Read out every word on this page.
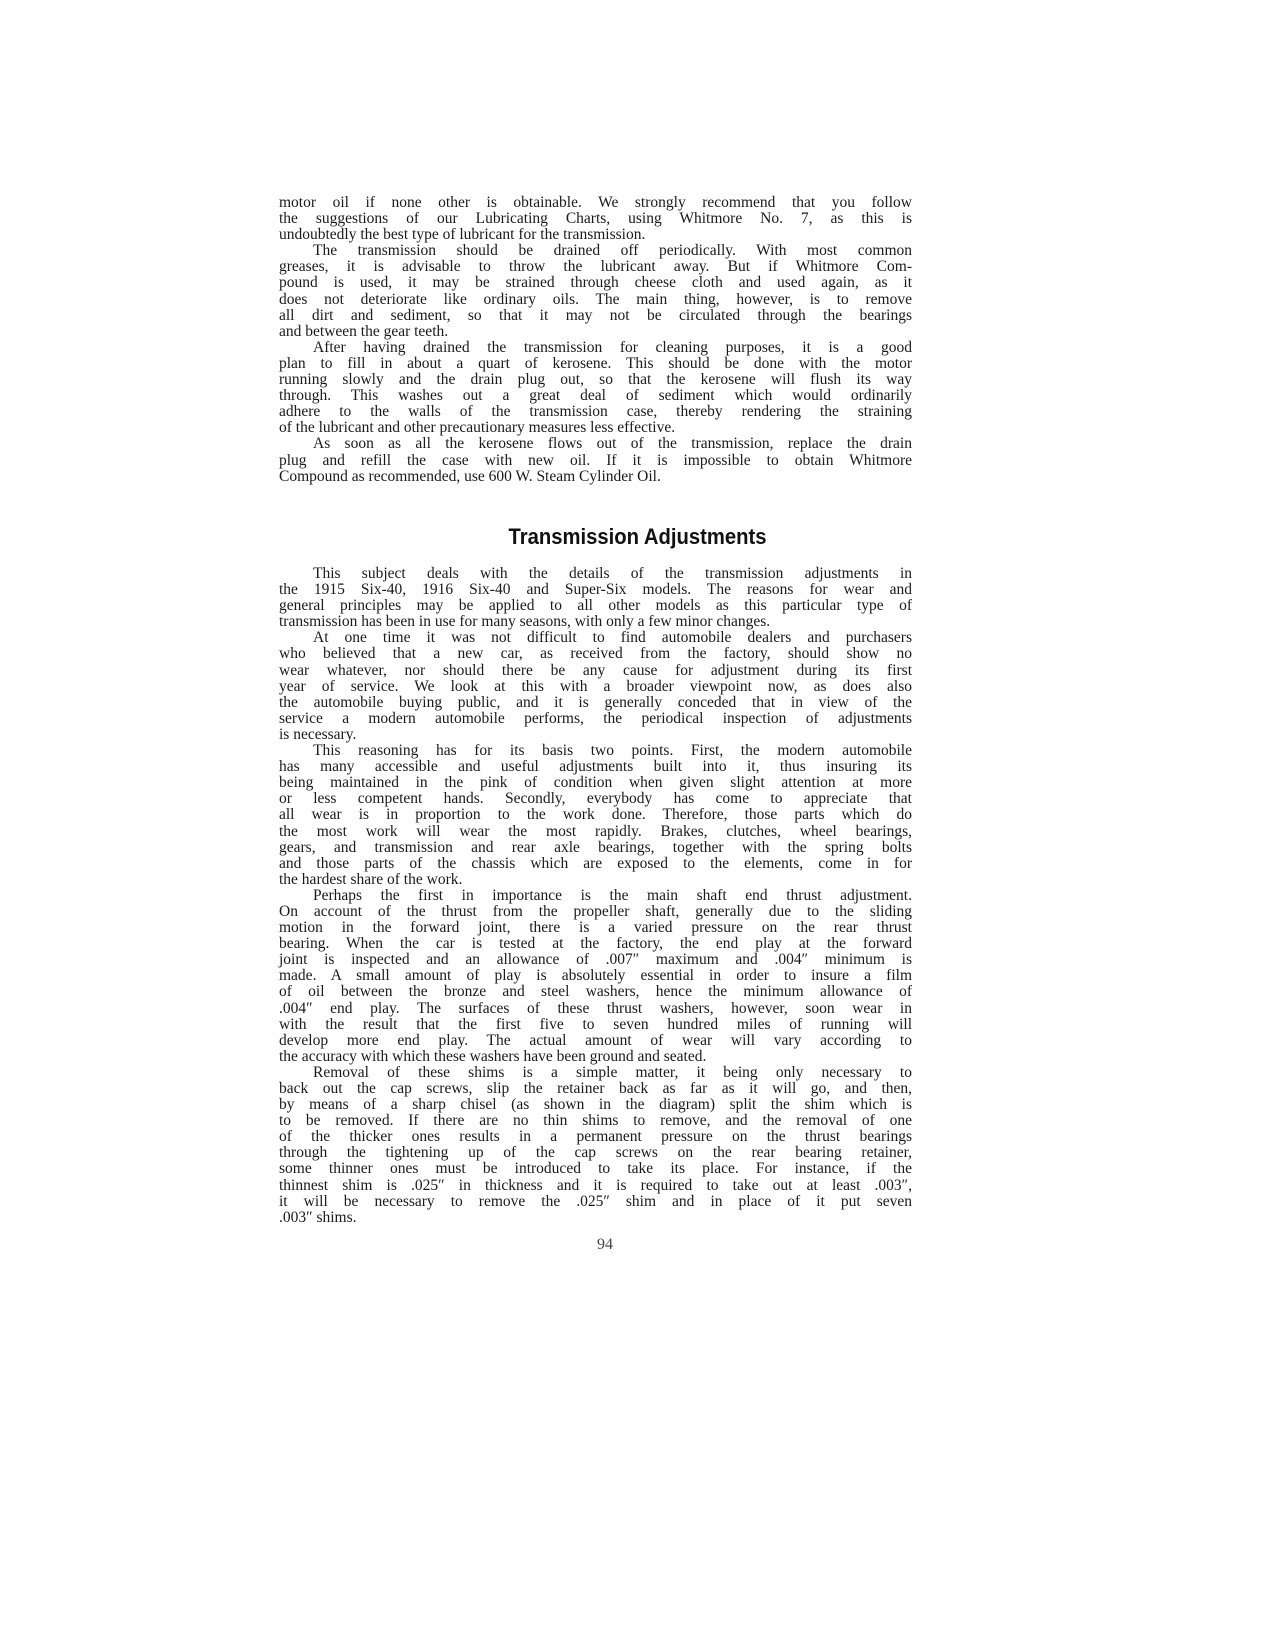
motor oil if none other is obtainable. We strongly recommend that you follow
the suggestions of our Lubricating Charts, using Whitmore No. 7, as this is
undoubtedly the best type of lubricant for the transmission.
The transmission should be drained off periodically. With most common
greases, it is advisable to throw the lubricant away. But if Whitmore Com-
pound is used, it may be strained through cheese cloth and used again, as it
does not deteriorate like ordinary oils. The main thing, however, is to remove
all dirt and sediment, so that it may not be circulated through the bearings
and between the gear teeth.
After having drained the transmission for cleaning purposes, it is a good
plan to fill in about a quart of kerosene. This should be done with the motor
running slowly and the drain plug out, so that the kerosene will flush its way
through. This washes out a great deal of sediment which would ordinarily
adhere to the walls of the transmission case, thereby rendering the straining
of the lubricant and other precautionary measures less effective.
As soon as all the kerosene flows out of the transmission, replace the drain
plug and refill the case with new oil. If it is impossible to obtain Whitmore
Compound as recommended, use 600 W. Steam Cylinder Oil.
Transmission Adjustments
This subject deals with the details of the transmission adjustments in
the 1915 Six-40, 1916 Six-40 and Super-Six models. The reasons for wear and
general principles may be applied to all other models as this particular type of
transmission has been in use for many seasons, with only a few minor changes.
At one time it was not difficult to find automobile dealers and purchasers
who believed that a new car, as received from the factory, should show no
wear whatever, nor should there be any cause for adjustment during its first
year of service. We look at this with a broader viewpoint now, as does also
the automobile buying public, and it is generally conceded that in view of the
service a modern automobile performs, the periodical inspection of adjustments
is necessary.
This reasoning has for its basis two points. First, the modern automobile
has many accessible and useful adjustments built into it, thus insuring its
being maintained in the pink of condition when given slight attention at more
or less competent hands. Secondly, everybody has come to appreciate that
all wear is in proportion to the work done. Therefore, those parts which do
the most work will wear the most rapidly. Brakes, clutches, wheel bearings,
gears, and transmission and rear axle bearings, together with the spring bolts
and those parts of the chassis which are exposed to the elements, come in for
the hardest share of the work.
Perhaps the first in importance is the main shaft end thrust adjustment.
On account of the thrust from the propeller shaft, generally due to the sliding
motion in the forward joint, there is a varied pressure on the rear thrust
bearing. When the car is tested at the factory, the end play at the forward
joint is inspected and an allowance of .007″ maximum and .004″ minimum is
made. A small amount of play is absolutely essential in order to insure a film
of oil between the bronze and steel washers, hence the minimum allowance of
.004″ end play. The surfaces of these thrust washers, however, soon wear in
with the result that the first five to seven hundred miles of running will
develop more end play. The actual amount of wear will vary according to
the accuracy with which these washers have been ground and seated.
Removal of these shims is a simple matter, it being only necessary to
back out the cap screws, slip the retainer back as far as it will go, and then,
by means of a sharp chisel (as shown in the diagram) split the shim which is
to be removed. If there are no thin shims to remove, and the removal of one
of the thicker ones results in a permanent pressure on the thrust bearings
through the tightening up of the cap screws on the rear bearing retainer,
some thinner ones must be introduced to take its place. For instance, if the
thinnest shim is .025″ in thickness and it is required to take out at least .003″,
it will be necessary to remove the .025″ shim and in place of it put seven
.003″ shims.
94
